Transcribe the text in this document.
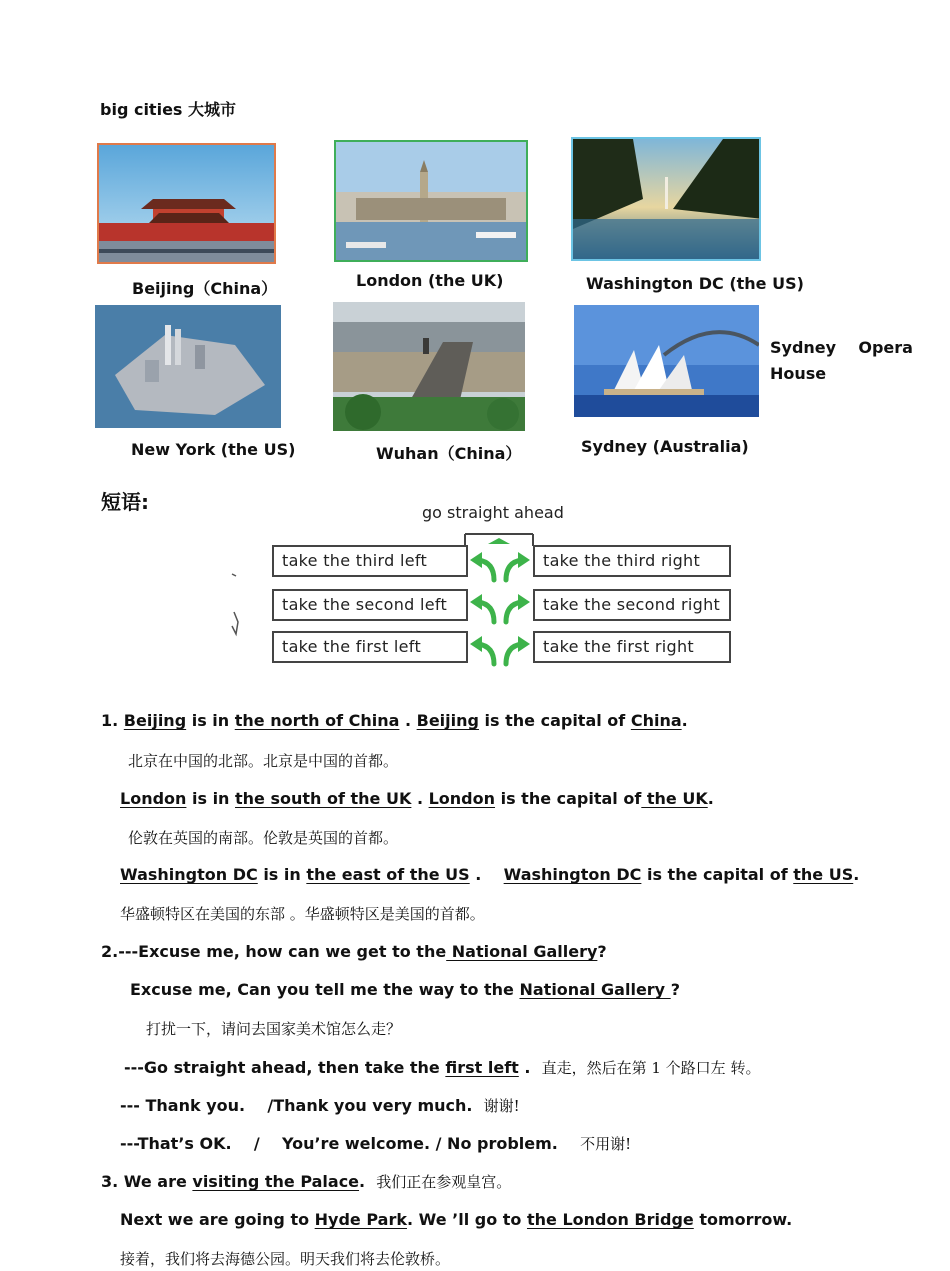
big cities 大城市
Beijing（China）	London (the UK)	Washington DC (the US)
New York (the US)	Wuhan（China）	Sydney (Australia)
Sydney    Opera
House
短语:	go straight ahead
take the third left
take the second left
take the first left
take the third right
take the second right
take the first right
1. Beijing is in the north of China . Beijing is the capital of China.
北京在中国的北部。北京是中国的首都。
London is in the south of the UK . London is the capital of the UK.
伦敦在英国的南部。伦敦是英国的首都。
Washington DC is in the east of the US .    Washington DC is the capital of the US.
华盛顿特区在美国的东部 。华盛顿特区是美国的首都。
2.---Excuse me, how can we get to the National Gallery?
Excuse me, Can you tell me the way to the National Gallery ?
打扰一下，请问去国家美术馆怎么走？
---Go straight ahead, then take the first left .  直走，然后在第 1 个路口左 转。
--- Thank you.    /Thank you very much.  谢谢!
---That’s OK.    /    You’re welcome. / No problem.    不用谢!
3. We are visiting the Palace.  我们正在参观皇宫。
Next we are going to Hyde Park. We ’ll go to the London Bridge tomorrow.
接着，我们将去海德公园。明天我们将去伦敦桥。
